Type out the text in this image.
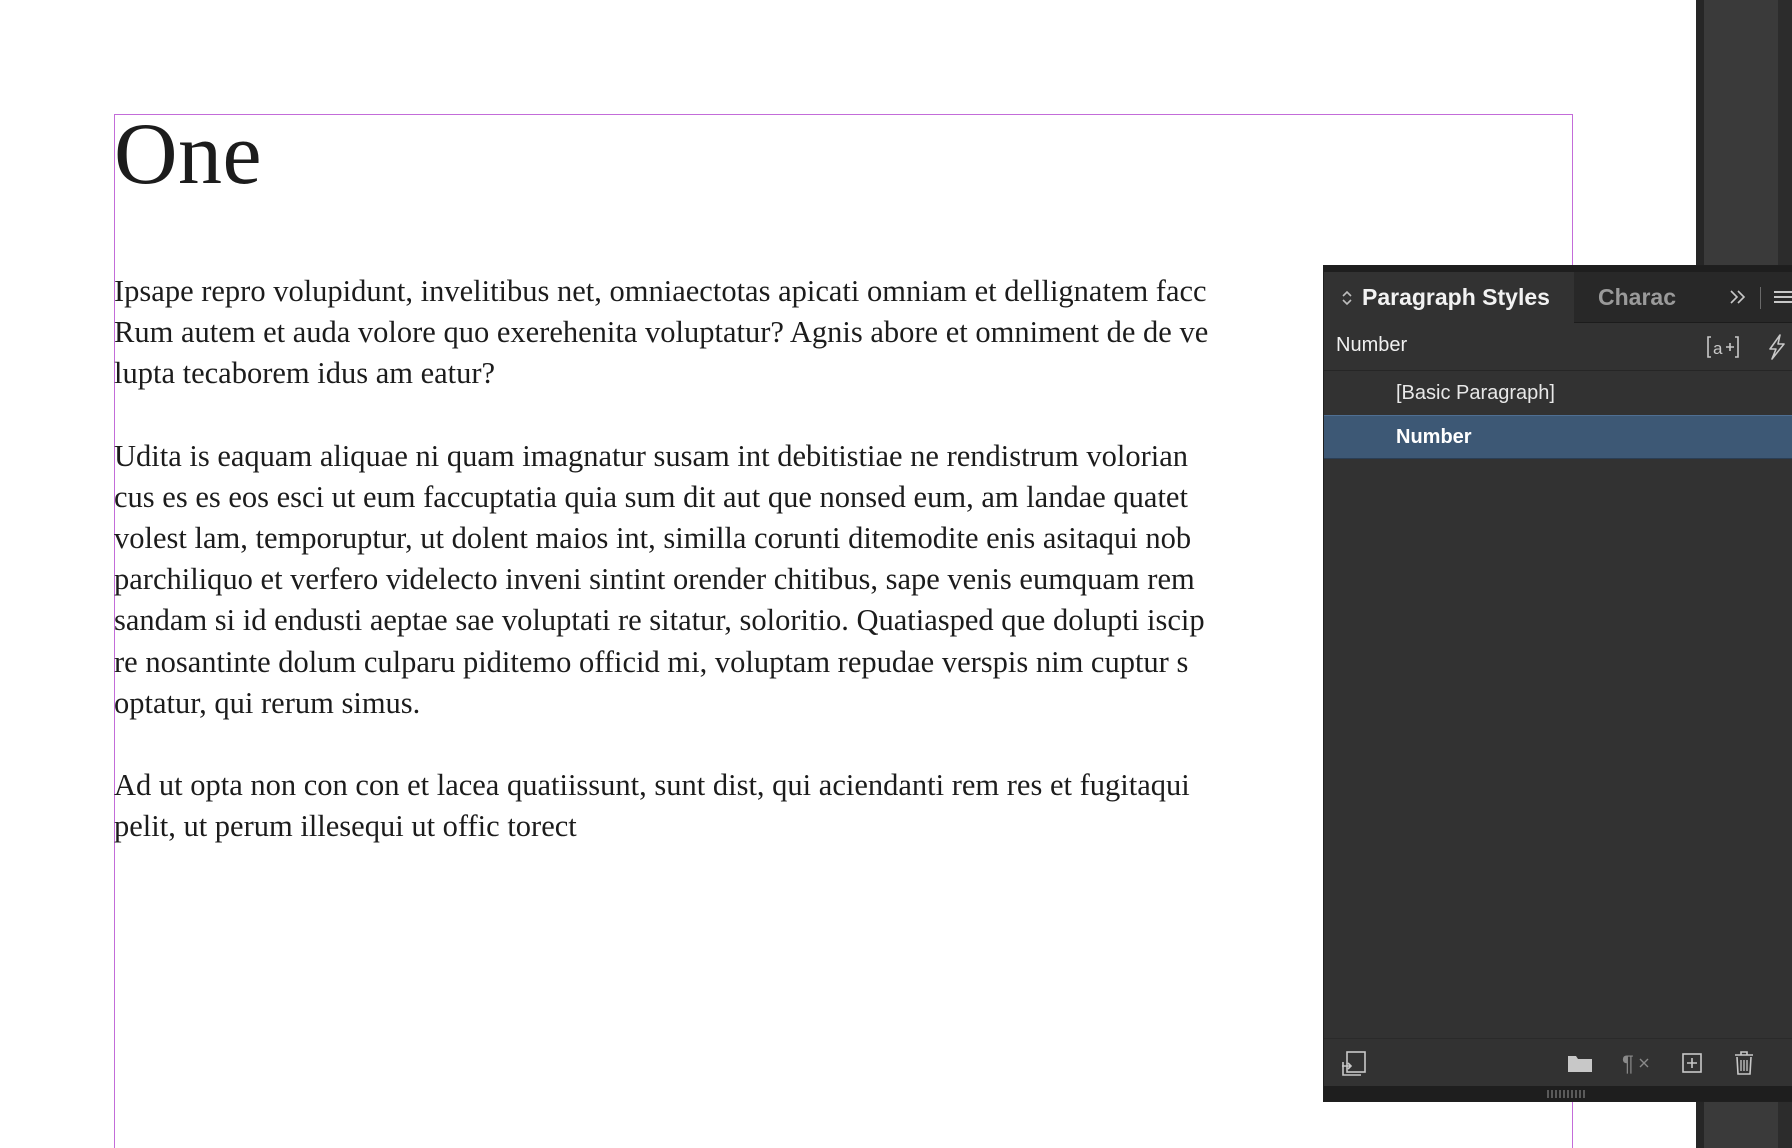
One

Ipsape repro volupidunt, invelitibus net, omniaectotas apicati omniam et dellignatem facc
Rum autem et auda volore quo exerehenita voluptatur? Agnis abore et omniment de de ve
lupta tecaborem idus am eatur?

Udita is eaquam aliquae ni quam imagnatur susam int debitistiae ne rendistrum volorian
cus es es eos esci ut eum faccuptatia quia sum dit aut que nonsed eum, am landae quatet
volest lam, temporuptur, ut dolent maios int, similla corunti ditemodite enis asitaqui nob
parchiliquo et verfero videlecto inveni sintint orender chitibus, sape venis eumquam rem
sandam si id endusti aeptae sae voluptati re sitatur, soloritio. Quatiasped que dolupti iscip
re nosantinte dolum culparu piditemo officid mi, voluptam repudae verspis nim cuptur s
optatur, qui rerum simus.

Ad ut opta non con con et lacea quatiissunt, sunt dist, qui aciendanti rem res et fugitaqui
pelit, ut perum illesequi ut offic torect

Paragraph Styles Charac
Number	a
[Basic Paragraph]
Number
¶
